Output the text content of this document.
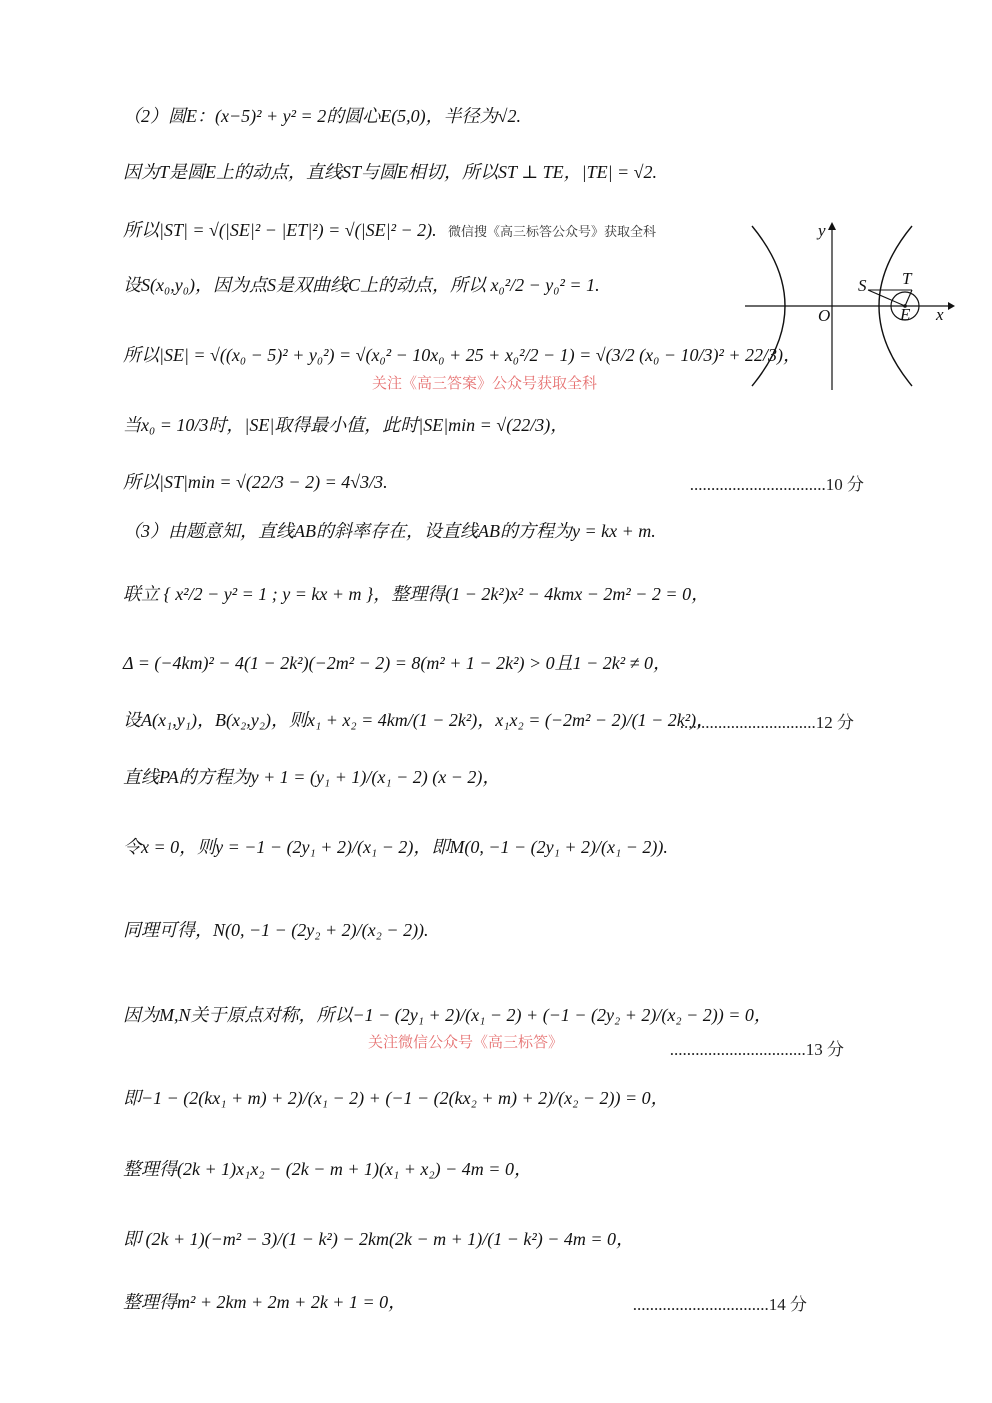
（2）圆E：(x−5)² + y² = 2的圆心E(5,0)，半径为√2.
因为T是圆E上的动点，直线ST与圆E相切，所以ST ⊥ TE，|TE| = √2.
所以|ST| = √(|SE|² − |ET|²) = √(|SE|² − 2). 微信搜《高三标答公众号》获取全科
设S(x₀,y₀)，因为点S是双曲线C上的动点，所以 x₀²/2 − y₀² = 1.
所以|SE| = √((x₀ − 5)² + y₀²) = √(x₀² − 10x₀ + 25 + x₀²/2 − 1) = √(3/2 (x₀ − 10/3)² + 22/3)，
当x₀ = 10/3时，|SE|取得最小值，此时|SE|min = √(22/3)，
所以|ST|min = √(22/3 − 2) = 4√3/3.
（3）由题意知，直线AB的斜率存在，设直线AB的方程为y = kx + m.
联立 { x²/2 − y² = 1 ; y = kx + m }，整理得(1 − 2k²)x² − 4kmx − 2m² − 2 = 0，
Δ = (−4km)² − 4(1 − 2k²)(−2m² − 2) = 8(m² + 1 − 2k²) > 0且1 − 2k² ≠ 0，
设A(x₁,y₁)，B(x₂,y₂)，则x₁ + x₂ = 4km/(1 − 2k²)，x₁x₂ = (−2m² − 2)/(1 − 2k²)，
直线PA的方程为y + 1 = (y₁ + 1)/(x₁ − 2) (x − 2)，
令x = 0，则y = −1 − (2y₁ + 2)/(x₁ − 2)，即M(0, −1 − (2y₁ + 2)/(x₁ − 2)).
同理可得，N(0, −1 − (2y₂ + 2)/(x₂ − 2)).
因为M,N关于原点对称，所以−1 − (2y₁ + 2)/(x₁ − 2) + (−1 − (2y₂ + 2)/(x₂ − 2)) = 0，
即−1 − (2(kx₁ + m) + 2)/(x₁ − 2) + (−1 − (2(kx₂ + m) + 2)/(x₂ − 2)) = 0，
整理得(2k + 1)x₁x₂ − (2k − m + 1)(x₁ + x₂) − 4m = 0，
即 (2k + 1)(−m² − 3)/(1 − k²) − 2km(2k − m + 1)/(1 − k²) − 4m = 0，
整理得m² + 2km + 2m + 2k + 1 = 0，
................................10 分
................................12 分
................................13 分
................................14 分
关注《高三答案》公众号获取全科
关注微信公众号《高三标答》
y
x
O
S T
E
